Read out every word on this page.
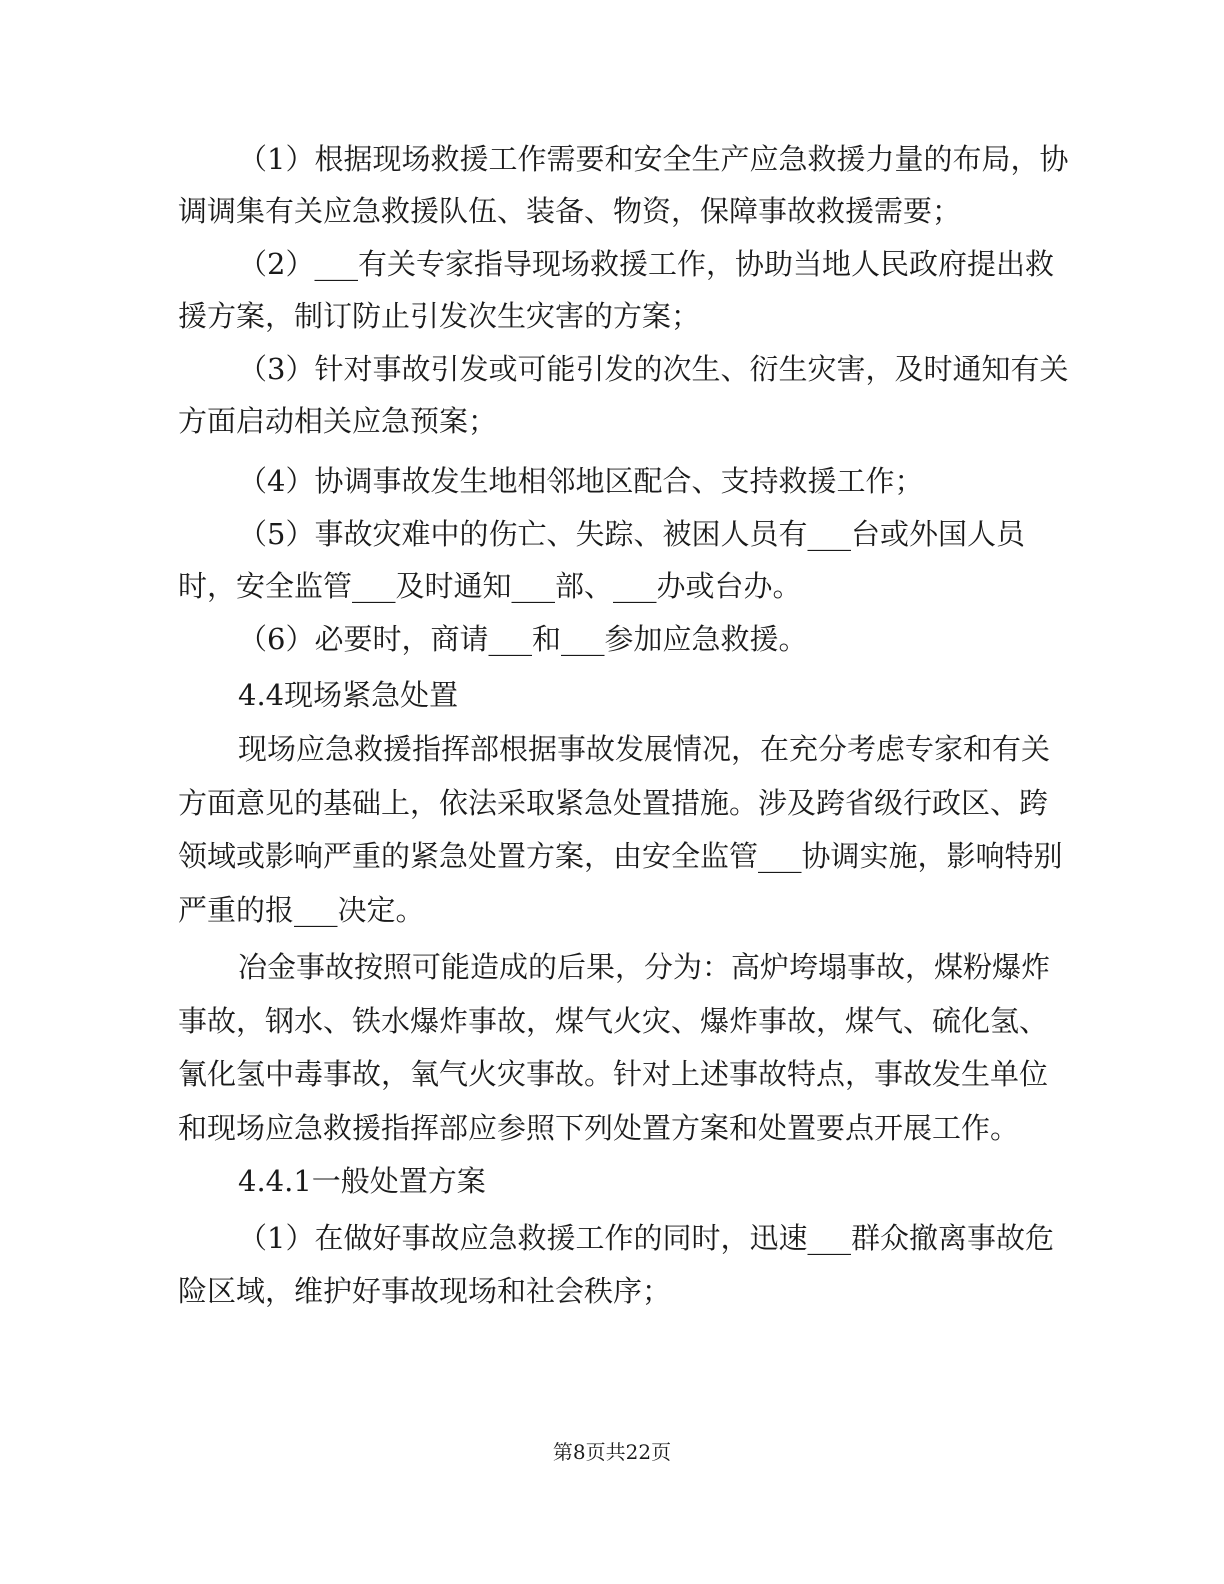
（1）根据现场救援工作需要和安全生产应急救援力量的布局，协
调调集有关应急救援队伍、装备、物资，保障事故救援需要；
（2）___有关专家指导现场救援工作，协助当地人民政府提出救
援方案，制订防止引发次生灾害的方案；
（3）针对事故引发或可能引发的次生、衍生灾害，及时通知有关
方面启动相关应急预案；
（4）协调事故发生地相邻地区配合、支持救援工作；
（5）事故灾难中的伤亡、失踪、被困人员有___台或外国人员
时，安全监管___及时通知___部、___办或台办。
（6）必要时，商请___和___参加应急救援。
4.4现场紧急处置
现场应急救援指挥部根据事故发展情况，在充分考虑专家和有关
方面意见的基础上，依法采取紧急处置措施。涉及跨省级行政区、跨
领域或影响严重的紧急处置方案，由安全监管___协调实施，影响特别
严重的报___决定。
冶金事故按照可能造成的后果，分为：高炉垮塌事故，煤粉爆炸
事故，钢水、铁水爆炸事故，煤气火灾、爆炸事故，煤气、硫化氢、
氰化氢中毒事故，氧气火灾事故。针对上述事故特点，事故发生单位
和现场应急救援指挥部应参照下列处置方案和处置要点开展工作。
4.4.1一般处置方案
（1）在做好事故应急救援工作的同时，迅速___群众撤离事故危
险区域，维护好事故现场和社会秩序；
第8页共22页
